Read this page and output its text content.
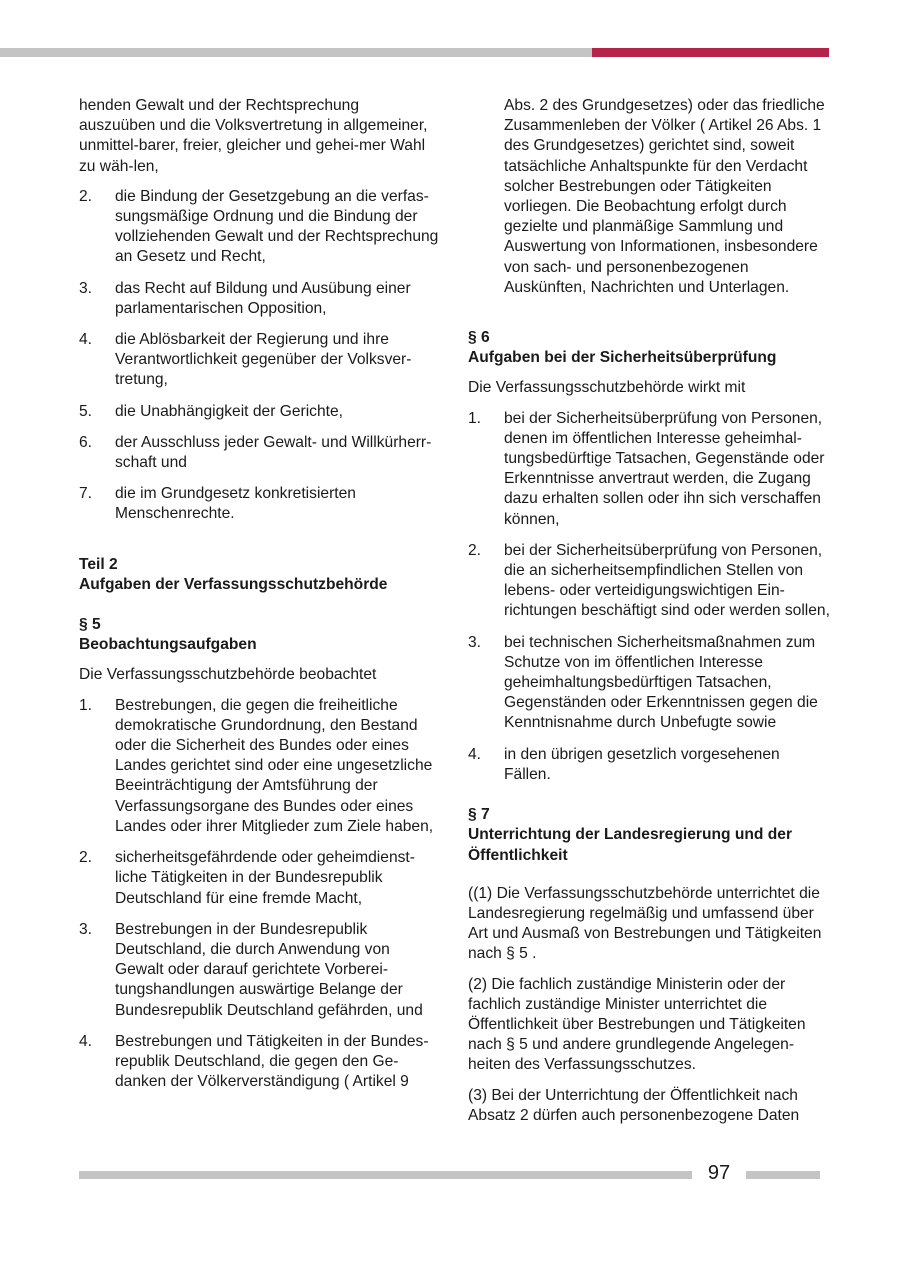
henden Gewalt und der Rechtsprechung auszuüben und die Volksvertretung in allgemeiner, unmittel-barer, freier, gleicher und gehei-mer Wahl zu wäh-len,

2. die Bindung der Gesetzgebung an die verfas-sungsmäßige Ordnung und die Bindung der vollziehenden Gewalt und der Rechtsprechung an Gesetz und Recht,
3. das Recht auf Bildung und Ausübung einer parlamentarischen Opposition,
4. die Ablösbarkeit der Regierung und ihre Verantwortlichkeit gegenüber der Volksver-tretung,
5. die Unabhängigkeit der Gerichte,
6. der Ausschluss jeder Gewalt- und Willkürherr-schaft und
7. die im Grundgesetz konkretisierten Menschenrechte.
Teil 2
Aufgaben der Verfassungsschutzbehörde
§ 5
Beobachtungsaufgaben

Die Verfassungsschutzbehörde beobachtet

1. Bestrebungen, die gegen die freiheitliche demokratische Grundordnung, den Bestand oder die Sicherheit des Bundes oder eines Landes gerichtet sind oder eine ungesetzliche Beeinträchtigung der Amtsführung der Verfassungsorgane des Bundes oder eines Landes oder ihrer Mitglieder zum Ziele haben,
2. sicherheitsgefährdende oder geheimdienst-liche Tätigkeiten in der Bundesrepublik Deutschland für eine fremde Macht,
3. Bestrebungen in der Bundesrepublik Deutschland, die durch Anwendung von Gewalt oder darauf gerichtete Vorberei-tungshandlungen auswärtige Belange der Bundesrepublik Deutschland gefährden, und
4. Bestrebungen und Tätigkeiten in der Bundes-republik Deutschland, die gegen den Ge-danken der Völkerverständigung ( Artikel 9
Abs. 2 des Grundgesetzes) oder das friedliche Zusammenleben der Völker ( Artikel 26 Abs. 1 des Grundgesetzes) gerichtet sind, soweit tatsächliche Anhaltspunkte für den Verdacht solcher Bestrebungen oder Tätigkeiten vorliegen. Die Beobachtung erfolgt durch gezielte und planmäßige Sammlung und Auswertung von Informationen, insbesondere von sach- und personenbezogenen Auskünften, Nachrichten und Unterlagen.
§ 6
Aufgaben bei der Sicherheitsüberprüfung

Die Verfassungsschutzbehörde wirkt mit

1. bei der Sicherheitsüberprüfung von Personen, denen im öffentlichen Interesse geheimhal-tungsbedürftige Tatsachen, Gegenstände oder Erkenntnisse anvertraut werden, die Zugang dazu erhalten sollen oder ihn sich verschaffen können,
2. bei der Sicherheitsüberprüfung von Personen, die an sicherheitsempfindlichen Stellen von lebens- oder verteidigungswichtigen Ein-richtungen beschäftigt sind oder werden sollen,
3. bei technischen Sicherheitsmaßnahmen zum Schutze von im öffentlichen Interesse geheimhaltungsbedürftigen Tatsachen, Gegenständen oder Erkenntnissen gegen die Kenntnisnahme durch Unbefugte sowie
4. in den übrigen gesetzlich vorgesehenen Fällen.
§ 7
Unterrichtung der Landesregierung und der Öffentlichkeit

((1) Die Verfassungsschutzbehörde unterrichtet die Landesregierung regelmäßig und umfassend über Art und Ausmaß von Bestrebungen und Tätigkeiten nach § 5 .

(2) Die fachlich zuständige Ministerin oder der fachlich zuständige Minister unterrichtet die Öffentlichkeit über Bestrebungen und Tätigkeiten nach § 5 und andere grundlegende Angelegen-heiten des Verfassungsschutzes.

(3) Bei der Unterrichtung der Öffentlichkeit nach Absatz 2 dürfen auch personenbezogene Daten

97
